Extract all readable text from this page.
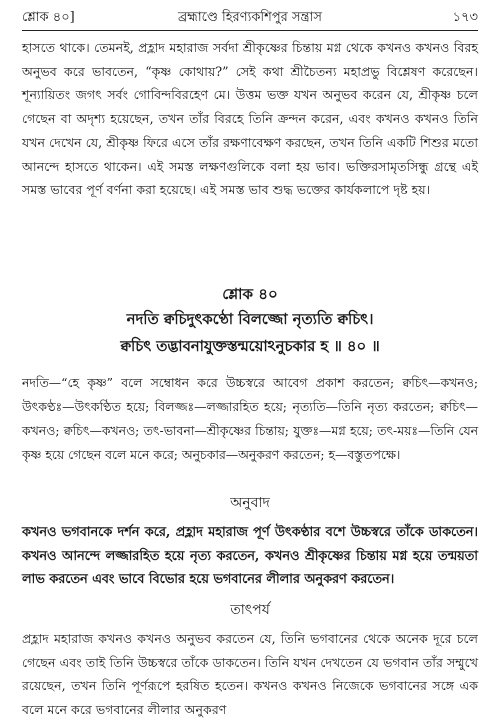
শ্লোক ৪০]	ব্রহ্মাণ্ডে হিরণ্যকশিপুর সন্ত্রাস	১৭৩
হাসতে থাকে। তেমনই, প্রহ্লাদ মহারাজ সর্বদা শ্রীকৃষ্ণের চিন্তায় মগ্ন থেকে কখনও কখনও বিরহ অনুভব করে ভাবতেন, “কৃষ্ণ কোথায়?” সেই কথা শ্রীচৈতন্য মহাপ্রভু বিশ্লেষণ করেছেন। শূন্যায়িতং জগৎ সর্বং গোবিন্দবিরহেণ মে। উত্তম ভক্ত যখন অনুভব করেন যে, শ্রীকৃষ্ণ চলে গেছেন বা অদৃশ্য হয়েছেন, তখন তাঁর বিরহে তিনি ক্রন্দন করেন, এবং কখনও কখনও তিনি যখন দেখেন যে, শ্রীকৃষ্ণ ফিরে এসে তাঁর রক্ষণাবেক্ষণ করছেন, তখন তিনি একটি শিশুর মতো আনন্দে হাসতে থাকেন। এই সমস্ত লক্ষণগুলিকে বলা হয় ভাব। ভক্তিরসামৃতসিন্ধু গ্রন্থে এই সমস্ত ভাবের পূর্ণ বর্ণনা করা হয়েছে। এই সমস্ত ভাব শুদ্ধ ভক্তের কার্যকলাপে দৃষ্ট হয়।
শ্লোক ৪০
নদতি ক্বচিদুৎকণ্ঠো বিলজ্জো নৃত্যতি ক্বচিৎ।
ক্বচিৎ তদ্ভাবনাযুক্তস্তন্ময়োঽনুচকার হ ॥ ৪০ ॥
নদতি—“হে কৃষ্ণ” বলে সম্বোধন করে উচ্চস্বরে আবেগ প্রকাশ করতেন; ক্বচিৎ—কখনও; উৎকণ্ঠঃ—উৎকণ্ঠিত হয়ে; বিলজ্জঃ—লজ্জারহিত হয়ে; নৃত্যতি—তিনি নৃত্য করতেন; ক্বচিৎ—কখনও; ক্বচিৎ—কখনও; তৎ-ভাবনা—শ্রীকৃষ্ণের চিন্তায়; যুক্তঃ—মগ্ন হয়ে; তৎ-ময়ঃ—তিনি যেন কৃষ্ণ হয়ে গেছেন বলে মনে করে; অনুচকার—অনুকরণ করতেন; হ—বস্তুতপক্ষে।
অনুবাদ
কখনও ভগবানকে দর্শন করে, প্রহ্লাদ মহারাজ পূর্ণ উৎকণ্ঠার বশে উচ্চস্বরে তাঁকে ডাকতেন। কখনও আনন্দে লজ্জারহিত হয়ে নৃত্য করতেন, কখনও শ্রীকৃষ্ণের চিন্তায় মগ্ন হয়ে তন্ময়তা লাভ করতেন এবং ভাবে বিভোর হয়ে ভগবানের লীলার অনুকরণ করতেন।
তাৎপর্য
প্রহ্লাদ মহারাজ কখনও কখনও অনুভব করতেন যে, তিনি ভগবানের থেকে অনেক দূরে চলে গেছেন এবং তাই তিনি উচ্চস্বরে তাঁকে ডাকতেন। তিনি যখন দেখতেন যে ভগবান তাঁর সম্মুখে রয়েছেন, তখন তিনি পূর্ণরূপে হরষিত হতেন। কখনও কখনও নিজেকে ভগবানের সঙ্গে এক বলে মনে করে ভগবানের লীলার অনুকরণ
